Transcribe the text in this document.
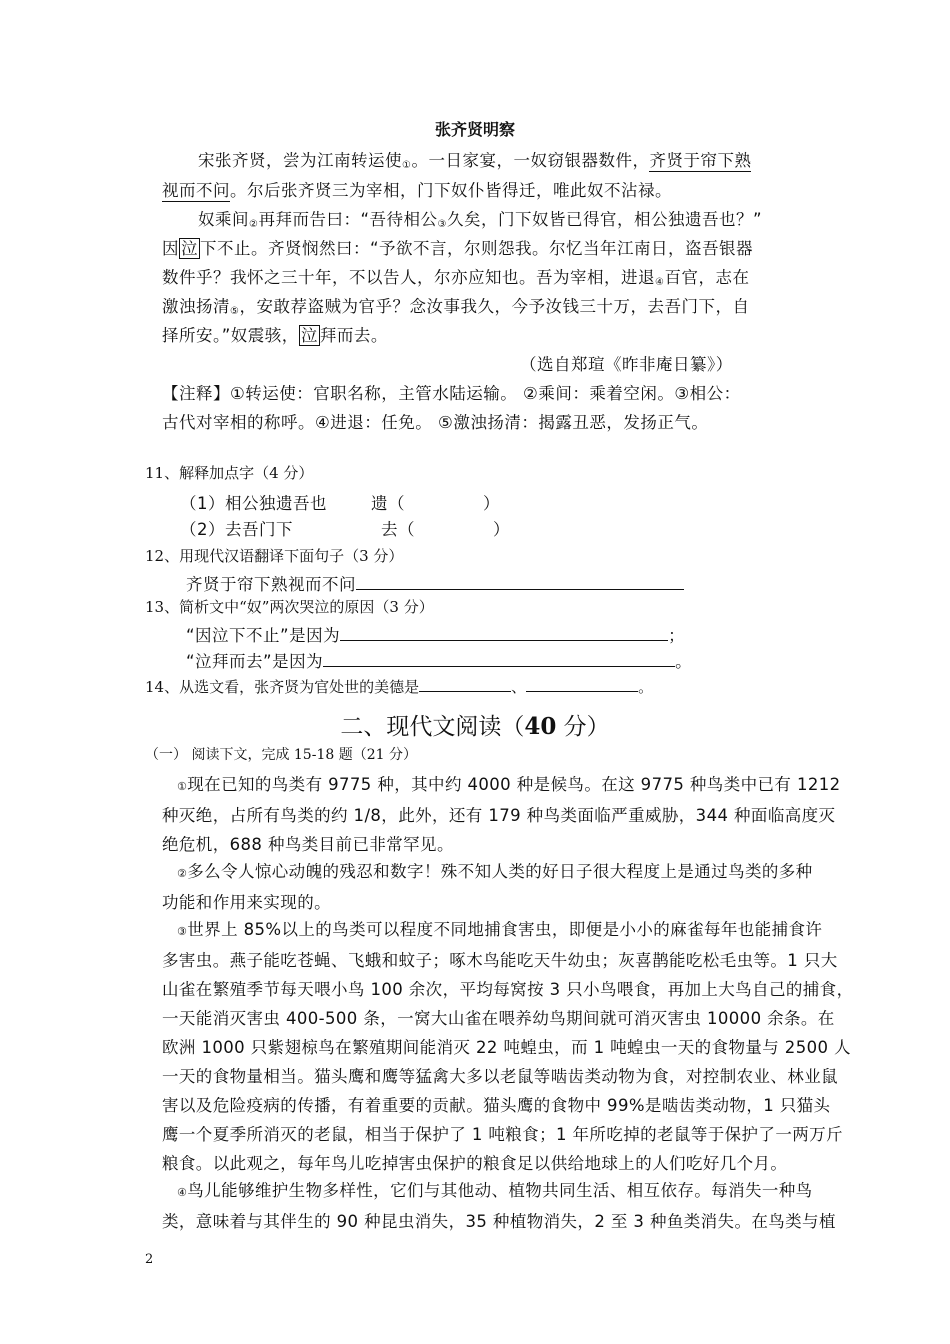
张齐贤明察
宋张齐贤，尝为江南转运使$_①$。一日家宴，一奴窃银器数件，齐贤于帘下熟
视而不问。尔后张齐贤三为宰相，门下奴仆皆得迁，唯此奴不沾禄。
奴乘间$_②$再拜而告曰：“吾待相公$_③$久矣，门下奴皆已得官，相公独遗吾也？”
因 泣 下不止。齐贤悯然曰：“予欲不言，尔则怨我。尔忆当年江南日，盗吾银器
数件乎？我怀之三十年，不以告人，尔亦应知也。吾为宰相，进退$_④$百官，志在
激浊扬清$_⑤$，安敢荐盗贼为官乎？念汝事我久，今予汝钱三十万，去吾门下，自
择所安。”奴震骇， 泣 拜而去。
（选自郑瑄《昨非庵日纂》）
【注释】①转运使：官职名称，主管水陆运输。 ②乘间：乘着空闲。③相公：
古代对宰相的称呼。④进退：任免。 ⑤激浊扬清：揭露丑恶，发扬正气。
11、解释加点字（4 分）
（1）相公独遗吾也	遗（	）
（2）去吾门下	去（	）
12、用现代汉语翻译下面句子（3 分）
齐贤于帘下熟视而不问
13、简析文中“奴”两次哭泣的原因（3 分）
“因泣下不止”是因为	；
“泣拜而去”是因为	。
14、从选文看，张齐贤为官处世的美德是	、	。
二、现代文阅读（40 分）
（一） 阅读下文，完成 15-18 题（21 分）
①现在已知的鸟类有 9775 种，其中约 4000 种是候鸟。在这 9775 种鸟类中已有 1212
种灭绝，占所有鸟类的约 1/8，此外，还有 179 种鸟类面临严重威胁，344 种面临高度灭
绝危机，688 种鸟类目前已非常罕见。
②多么令人惊心动魄的残忍和数字！殊不知人类的好日子很大程度上是通过鸟类的多种
功能和作用来实现的。
③世界上 85%以上的鸟类可以程度不同地捕食害虫，即便是小小的麻雀每年也能捕食许
多害虫。燕子能吃苍蝇、飞蛾和蚊子；啄木鸟能吃天牛幼虫；灰喜鹊能吃松毛虫等。1 只大
山雀在繁殖季节每天喂小鸟 100 余次，平均每窝按 3 只小鸟喂食，再加上大鸟自己的捕食，
一天能消灭害虫 400-500 条，一窝大山雀在喂养幼鸟期间就可消灭害虫 10000 余条。在
欧洲 1000 只紫翅椋鸟在繁殖期间能消灭 22 吨蝗虫，而 1 吨蝗虫一天的食物量与 2500 人
一天的食物量相当。猫头鹰和鹰等猛禽大多以老鼠等啮齿类动物为食，对控制农业、林业鼠
害以及危险疫病的传播，有着重要的贡献。猫头鹰的食物中 99%是啮齿类动物，1 只猫头
鹰一个夏季所消灭的老鼠，相当于保护了 1 吨粮食；1 年所吃掉的老鼠等于保护了一两万斤
粮食。以此观之，每年鸟儿吃掉害虫保护的粮食足以供给地球上的人们吃好几个月。
④鸟儿能够维护生物多样性，它们与其他动、植物共同生活、相互依存。每消失一种鸟
类，意味着与其伴生的 90 种昆虫消失，35 种植物消失，2 至 3 种鱼类消失。在鸟类与植
2
